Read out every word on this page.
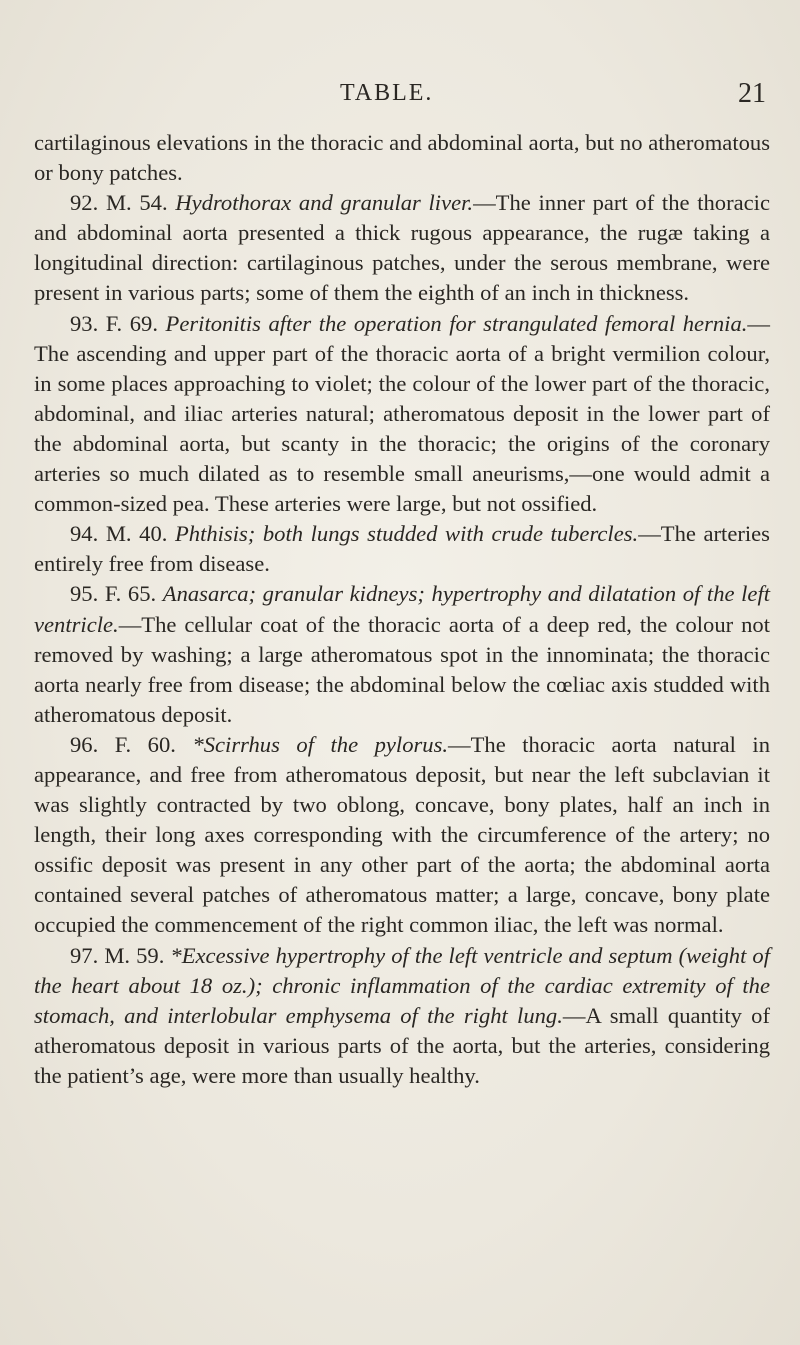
TABLE.	21

cartilaginous elevations in the thoracic and abdominal aorta, but no atheromatous or bony patches.

92. M. 54. Hydrothorax and granular liver.—The inner part of the thoracic and abdominal aorta presented a thick rugous appearance, the rugæ taking a longitudinal direction: cartilaginous patches, under the serous membrane, were present in various parts; some of them the eighth of an inch in thickness.

93. F. 69. Peritonitis after the operation for strangulated femoral hernia.—The ascending and upper part of the thoracic aorta of a bright vermilion colour, in some places approaching to violet; the colour of the lower part of the thoracic, abdominal, and iliac arteries natural; atheromatous deposit in the lower part of the abdominal aorta, but scanty in the thoracic; the origins of the coronary arteries so much dilated as to resemble small aneurisms,—one would admit a common-sized pea. These arteries were large, but not ossified.

94. M. 40. Phthisis; both lungs studded with crude tubercles.—The arteries entirely free from disease.

95. F. 65. Anasarca; granular kidneys; hypertrophy and dilatation of the left ventricle.—The cellular coat of the thoracic aorta of a deep red, the colour not removed by washing; a large atheromatous spot in the innominata; the thoracic aorta nearly free from disease; the abdominal below the cœliac axis studded with atheromatous deposit.

96. F. 60. *Scirrhus of the pylorus.—The thoracic aorta natural in appearance, and free from atheromatous deposit, but near the left subclavian it was slightly contracted by two oblong, concave, bony plates, half an inch in length, their long axes corresponding with the circumference of the artery; no ossific deposit was present in any other part of the aorta; the abdominal aorta contained several patches of atheromatous matter; a large, concave, bony plate occupied the commencement of the right common iliac, the left was normal.

97. M. 59. *Excessive hypertrophy of the left ventricle and septum (weight of the heart about 18 oz.); chronic inflammation of the cardiac extremity of the stomach, and interlobular emphysema of the right lung.—A small quantity of atheromatous deposit in various parts of the aorta, but the arteries, considering the patient’s age, were more than usually healthy.
